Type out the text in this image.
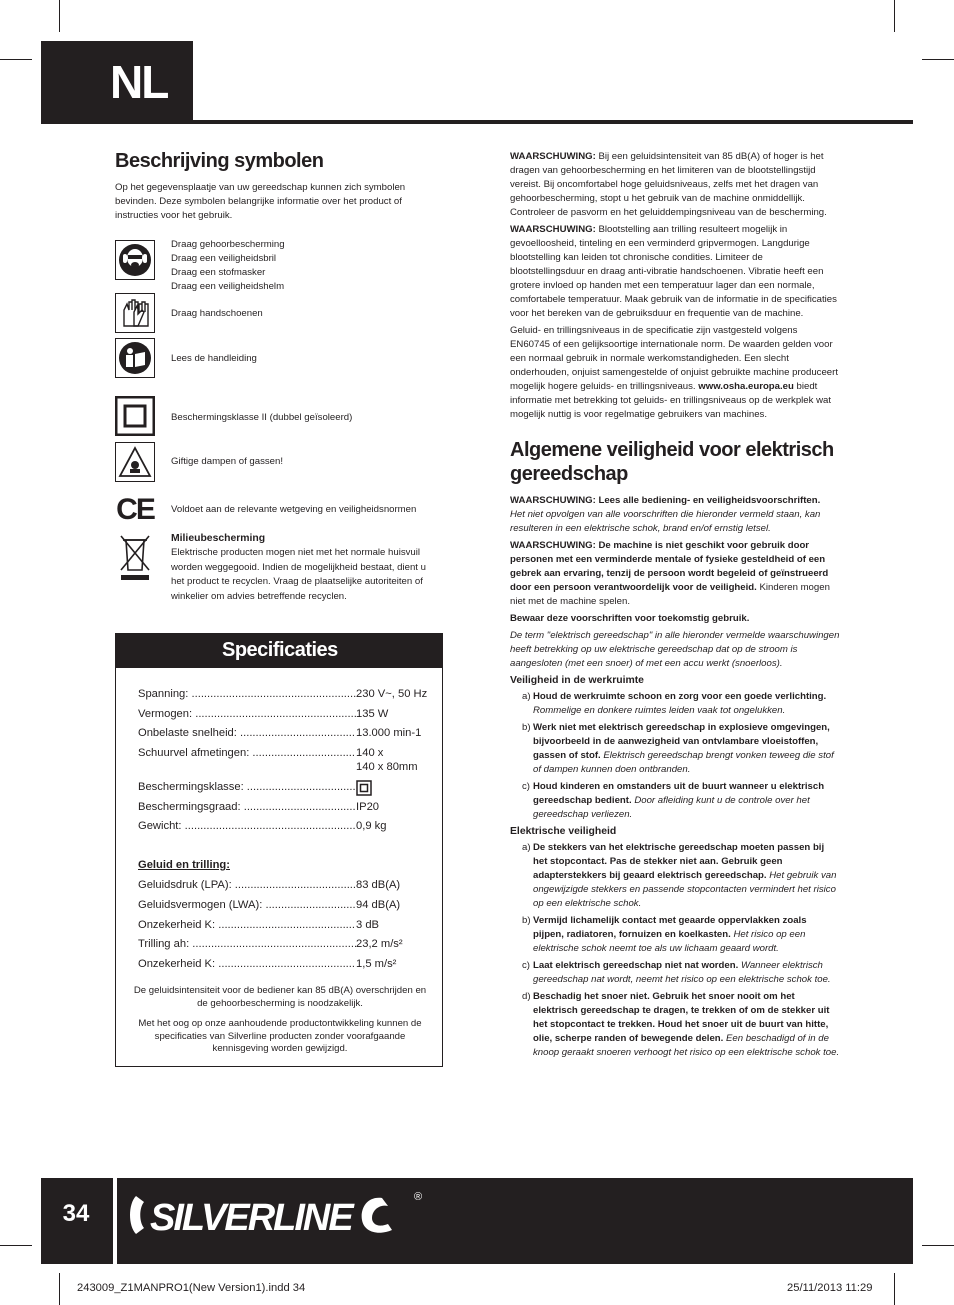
NL
Beschrijving symbolen

Op het gegevensplaatje van uw gereedschap kunnen zich symbolen bevinden. Deze symbolen belangrijke informatie over het product of instructies voor het gebruik.

Draag gehoorbescherming
Draag een veiligheidsbril
Draag een stofmasker
Draag een veiligheidshelm
Draag handschoenen
Lees de handleiding
Beschermingsklasse II (dubbel geïsoleerd)
Giftige dampen of gassen!
CE Voldoet aan de relevante wetgeving en veiligheidsnormen
Milieubescherming
Elektrische producten mogen niet met het normale huisvuil worden weggegooid. Indien de mogelijkheid bestaat, dient u het product te recyclen. Vraag de plaatselijke autoriteiten of winkelier om advies betreffende recyclen.
Specificaties
Spanning: .....	230 V~, 50 Hz
Vermogen: .....	135 W
Onbelaste snelheid: .....	13.000 min-1
Schuurvel afmetingen: .....	140 x
140 x 80mm
Beschermingsklasse: .....
Beschermingsgraad: .....	IP20
Gewicht: .....	0,9 kg
Geluid en trilling:
Geluidsdruk (LPA): .....	83 dB(A)
Geluidsvermogen (LWA): .....	94 dB(A)
Onzekerheid K: .....	3 dB
Trilling ah: .....	23,2 m/s²
Onzekerheid K: .....	1,5 m/s²
De geluidsintensiteit voor de bediener kan 85 dB(A) overschrijden en de gehoorbescherming is noodzakelijk.
Met het oog op onze aanhoudende productontwikkeling kunnen de specificaties van Silverline producten zonder voorafgaande kennisgeving worden gewijzigd.

WAARSCHUWING: Bij een geluidsintensiteit van 85 dB(A) of hoger is het dragen van gehoorbescherming en het limiteren van de blootstellingstijd vereist. Bij oncomfortabel hoge geluidsniveaus, zelfs met het dragen van gehoorbescherming, stopt u het gebruik van de machine onmiddellijk. Controleer de pasvorm en het geluiddempingsniveau van de bescherming.

WAARSCHUWING: Blootstelling aan trilling resulteert mogelijk in gevoelloosheid, tinteling en een verminderd gripvermogen. Langdurige blootstelling kan leiden tot chronische condities. Limiteer de blootstellingsduur en draag anti-vibratie handschoenen. Vibratie heeft een grotere invloed op handen met een temperatuur lager dan een normale, comfortabele temperatuur. Maak gebruik van de informatie in de specificaties voor het bereken van de gebruiksduur en frequentie van de machine.

Geluid- en trillingsniveaus in de specificatie zijn vastgesteld volgens EN60745 of een gelijksoortige internationale norm. De waarden gelden voor een normaal gebruik in normale werkomstandigheden. Een slecht onderhouden, onjuist samengestelde of onjuist gebruikte machine produceert mogelijk hogere geluids- en trillingsniveaus. www.osha.europa.eu biedt informatie met betrekking tot geluids- en trillingsniveaus op de werkplek wat mogelijk nuttig is voor regelmatige gebruikers van machines.

Algemene veiligheid voor elektrisch gereedschap

WAARSCHUWING: Lees alle bediening- en veiligheidsvoorschriften.
Het niet opvolgen van alle voorschriften die hieronder vermeld staan, kan resulteren in een elektrische schok, brand en/of ernstig letsel.

WAARSCHUWING: De machine is niet geschikt voor gebruik door personen met een verminderde mentale of fysieke gesteldheid of een gebrek aan ervaring, tenzij de persoon wordt begeleid of geïnstrueerd door een persoon verantwoordelijk voor de veiligheid. Kinderen mogen niet met de machine spelen.

Bewaar deze voorschriften voor toekomstig gebruik.

De term "elektrisch gereedschap" in alle hieronder vermelde waarschuwingen heeft betrekking op uw elektrische gereedschap dat op de stroom is aangesloten (met een snoer) of met een accu werkt (snoerloos).

Veiligheid in de werkruimte
a) Houd de werkruimte schoon en zorg voor een goede verlichting. Rommelige en donkere ruimtes leiden vaak tot ongelukken.
b) Werk niet met elektrisch gereedschap in explosieve omgevingen, bijvoorbeeld in de aanwezigheid van ontvlambare vloeistoffen, gassen of stof. Elektrisch gereedschap brengt vonken teweeg die stof of dampen kunnen doen ontbranden.
c) Houd kinderen en omstanders uit de buurt wanneer u elektrisch gereedschap bedient. Door afleiding kunt u de controle over het gereedschap verliezen.
Elektrische veiligheid
a) De stekkers van het elektrische gereedschap moeten passen bij het stopcontact. Pas de stekker niet aan. Gebruik geen adapterstekkers bij geaard elektrisch gereedschap. Het gebruik van ongewijzigde stekkers en passende stopcontacten vermindert het risico op een elektrische schok.
b) Vermijd lichamelijk contact met geaarde oppervlakken zoals pijpen, radiatoren, fornuizen en koelkasten. Het risico op een elektrische schok neemt toe als uw lichaam geaard wordt.
c) Laat elektrisch gereedschap niet nat worden. Wanneer elektrisch gereedschap nat wordt, neemt het risico op een elektrische schok toe.
d) Beschadig het snoer niet. Gebruik het snoer nooit om het elektrisch gereedschap te dragen, te trekken of om de stekker uit het stopcontact te trekken. Houd het snoer uit de buurt van hitte, olie, scherpe randen of bewegende delen. Een beschadigd of in de knoop geraakt snoeren verhoogt het risico op een elektrische schok toe.
34	SILVERLINE	®
243009_Z1MANPRO1(New Version1).indd 34	25/11/2013 11:29
